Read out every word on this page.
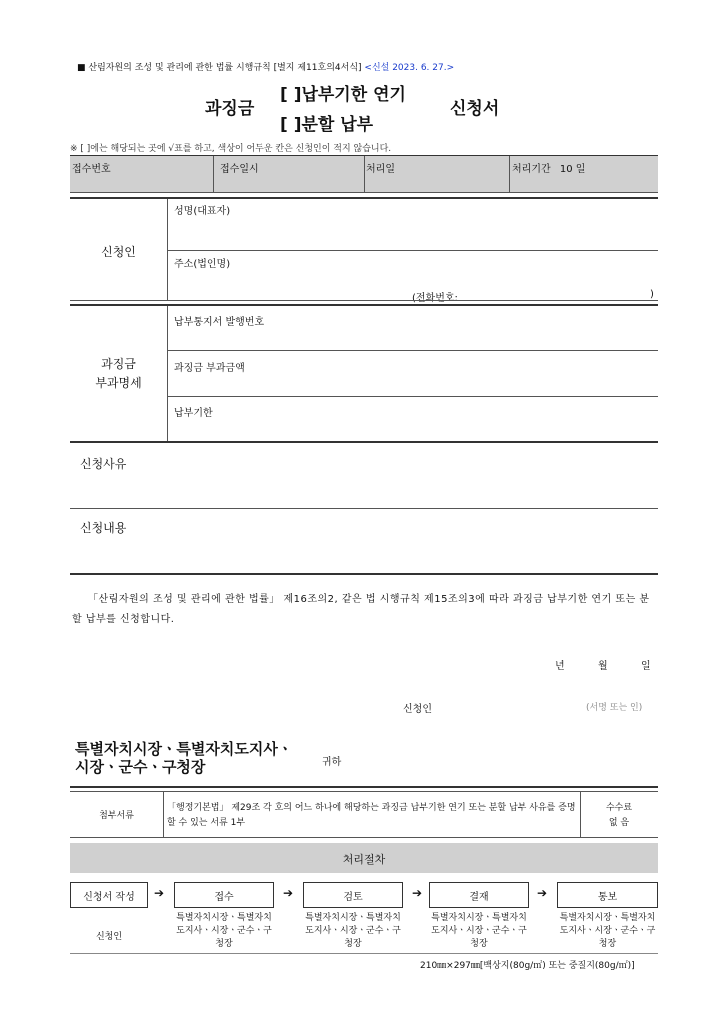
■ 산림자원의 조성 및 관리에 관한 법률 시행규칙 [별지 제11호의4서식] <신설 2023. 6. 27.>
과징금
[ ]납부기한 연기
[ ]분할 납부
신청서
※ [ ]에는 해당되는 곳에 √표를 하고, 색상이 어두운 칸은 신청인이 적지 않습니다.
접수번호	접수일시	처리일	처리기간 10 일
신청인
성명(대표자)
주소(법인명)
(전화번호:	)
과징금
부과명세
납부통지서 발행번호
과징금 부과금액
납부기한
신청사유
신청내용
「산림자원의 조성 및 관리에 관한 법률」 제16조의2, 같은 법 시행규칙 제15조의3에 따라 과징금 납부기한 연기 또는 분할 납부를 신청합니다.
년	월	일
신청인	(서명 또는 인)
특별자치시장ㆍ특별자치도지사ㆍ
시장ㆍ군수ㆍ구청장	귀하
첨부서류
「행정기본법」 제29조 각 호의 어느 하나에 해당하는 과징금 납부기한 연기 또는 분할 납부 사유를 증명할 수 있는 서류 1부
수수료
없 음
처리절차
신청서 작성	➔	접수	➔	검토	➔	결재	➔	통보
신청인
특별자치시장ㆍ특별자치도지사ㆍ시장ㆍ군수ㆍ구청장
특별자치시장ㆍ특별자치도지사ㆍ시장ㆍ군수ㆍ구청장
특별자치시장ㆍ특별자치도지사ㆍ시장ㆍ군수ㆍ구청장
특별자치시장ㆍ특별자치도지사ㆍ시장ㆍ군수ㆍ구청장
210㎜×297㎜[백상지(80g/㎡) 또는 중질지(80g/㎡)]
